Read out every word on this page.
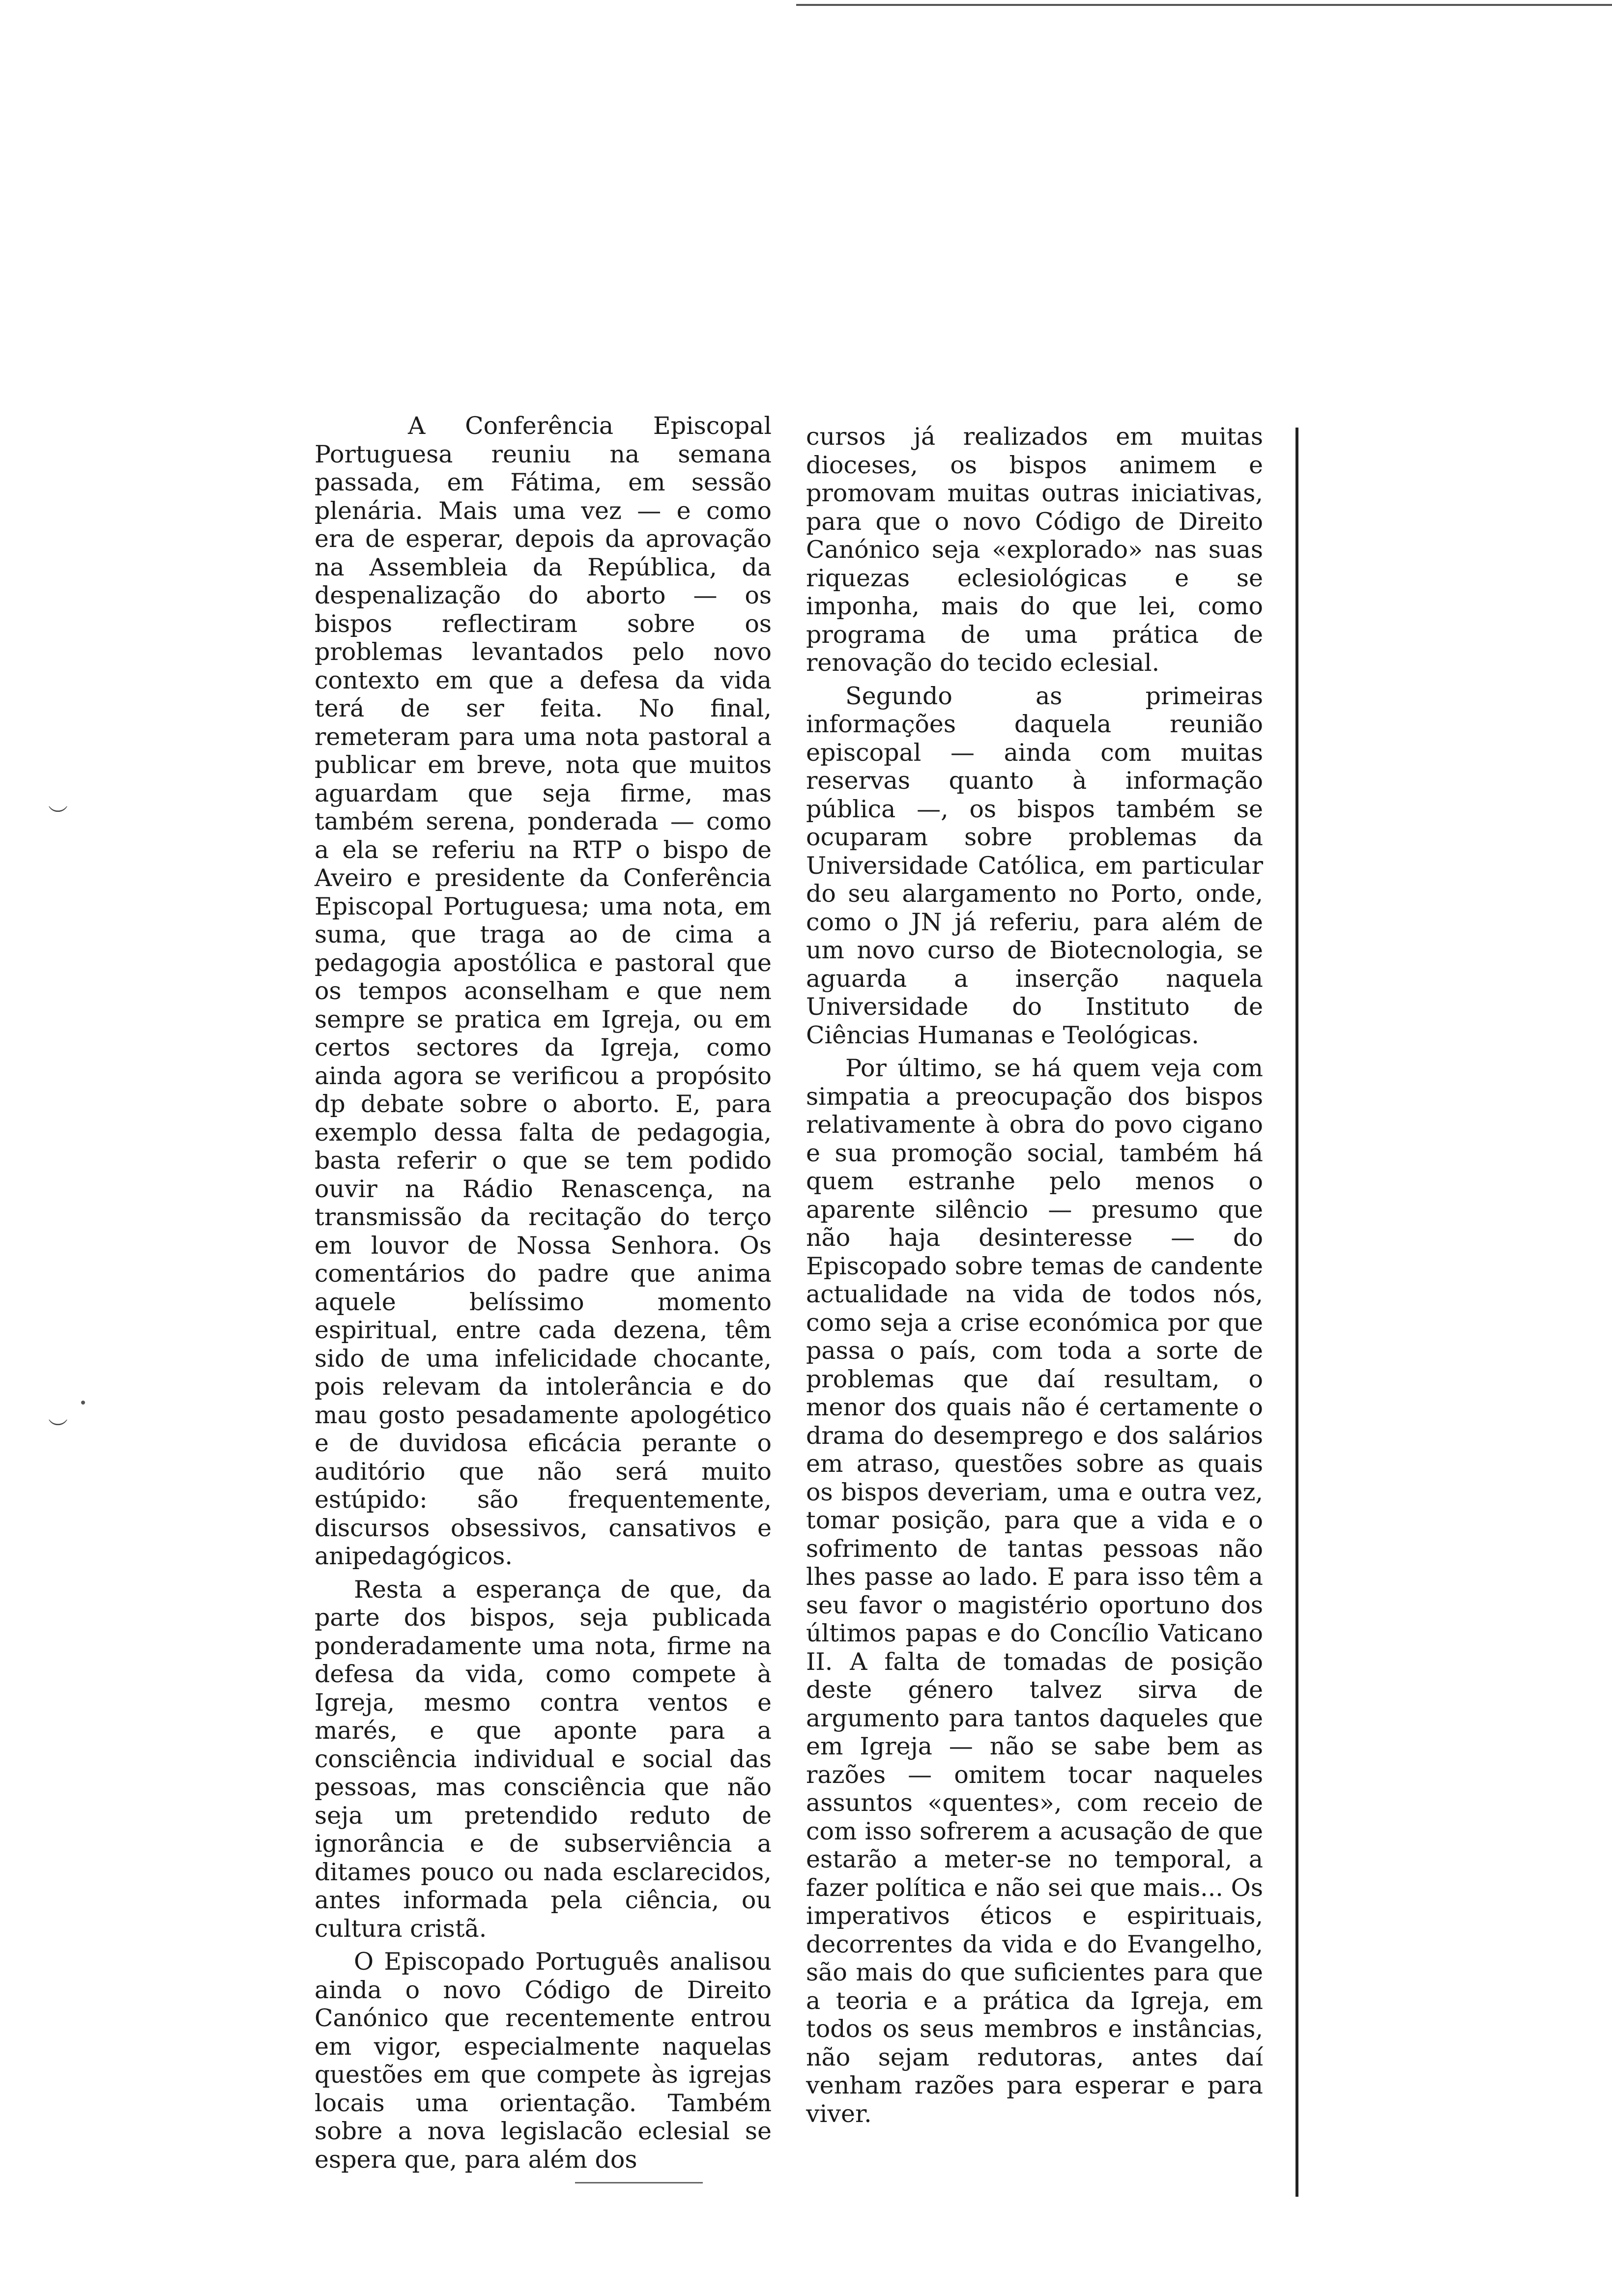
︶
︶

A Conferência Episcopal Portuguesa reuniu na semana passada, em Fátima, em sessão plenária. Mais uma vez — e como era de esperar, depois da aprovação na Assembleia da República, da despenalização do aborto — os bispos reflectiram sobre os problemas levantados pelo novo contexto em que a defesa da vida terá de ser feita. No final, remeteram para uma nota pastoral a publicar em breve, nota que muitos aguardam que seja firme, mas também serena, ponderada — como a ela se referiu na RTP o bispo de Aveiro e presidente da Conferência Episcopal Portuguesa; uma nota, em suma, que traga ao de cima a pedagogia apostólica e pastoral que os tempos aconselham e que nem sempre se pratica em Igreja, ou em certos sectores da Igreja, como ainda agora se verificou a propósito dp debate sobre o aborto. E, para exemplo dessa falta de pedagogia, basta referir o que se tem podido ouvir na Rádio Renascença, na transmissão da recitação do terço em louvor de Nossa Senhora. Os comentários do padre que anima aquele belíssimo momento espiritual, entre cada dezena, têm sido de uma infelicidade chocante, pois relevam da intolerância e do mau gosto pesadamente apologético e de duvidosa eficácia perante o auditório que não será muito estúpido: são frequentemente, discursos obsessivos, cansativos e anipedagógicos.

Resta a esperança de que, da parte dos bispos, seja publicada ponderadamente uma nota, firme na defesa da vida, como compete à Igreja, mesmo contra ventos e marés, e que aponte para a consciência individual e social das pessoas, mas consciência que não seja um pretendido reduto de ignorância e de subserviência a ditames pouco ou nada esclarecidos, antes informada pela ciência, ou cultura cristã.

O Episcopado Português analisou ainda o novo Código de Direito Canónico que recentemente entrou em vigor, especialmente naquelas questões em que compete às igrejas locais uma orientação. Também sobre a nova legislacão eclesial se espera que, para além dos

cursos já realizados em muitas dioceses, os bispos animem e promovam muitas outras iniciativas, para que o novo Código de Direito Canónico seja «explorado» nas suas riquezas eclesiológicas e se imponha, mais do que lei, como programa de uma prática de renovação do tecido eclesial.

Segundo as primeiras informações daquela reunião episcopal — ainda com muitas reservas quanto à informação pública —, os bispos também se ocuparam sobre problemas da Universidade Católica, em particular do seu alargamento no Porto, onde, como o JN já referiu, para além de um novo curso de Biotecnologia, se aguarda a inserção naquela Universidade do Instituto de Ciências Humanas e Teológicas.

Por último, se há quem veja com simpatia a preocupação dos bispos relativamente à obra do povo cigano e sua promoção social, também há quem estranhe pelo menos o aparente silêncio — presumo que não haja desinteresse — do Episcopado sobre temas de candente actualidade na vida de todos nós, como seja a crise económica por que passa o país, com toda a sorte de problemas que daí resultam, o menor dos quais não é certamente o drama do desemprego e dos salários em atraso, questões sobre as quais os bispos deveriam, uma e outra vez, tomar posição, para que a vida e o sofrimento de tantas pessoas não lhes passe ao lado. E para isso têm a seu favor o magistério oportuno dos últimos papas e do Concílio Vaticano II. A falta de tomadas de posição deste género talvez sirva de argumento para tantos daqueles que em Igreja — não se sabe bem as razões — omitem tocar naqueles assuntos «quentes», com receio de com isso sofrerem a acusação de que estarão a meter-se no temporal, a fazer política e não sei que mais... Os imperativos éticos e espirituais, decorrentes da vida e do Evangelho, são mais do que suficientes para que a teoria e a prática da Igreja, em todos os seus membros e instâncias, não sejam redutoras, antes daí venham razões para esperar e para viver.
